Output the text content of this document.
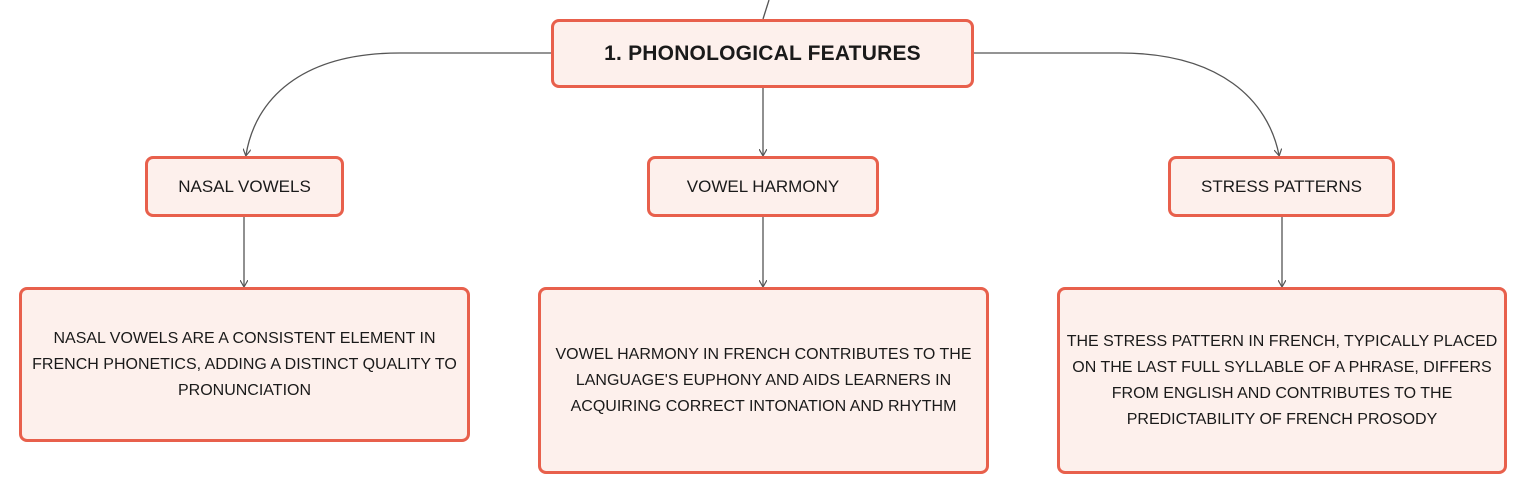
1. PHONOLOGICAL FEATURES
NASAL VOWELS	VOWEL HARMONY	STRESS PATTERNS
NASAL VOWELS ARE A CONSISTENT ELEMENT IN FRENCH PHONETICS, ADDING A DISTINCT QUALITY TO PRONUNCIATION
VOWEL HARMONY IN FRENCH CONTRIBUTES TO THE LANGUAGE'S EUPHONY AND AIDS LEARNERS IN ACQUIRING CORRECT INTONATION AND RHYTHM
THE STRESS PATTERN IN FRENCH, TYPICALLY PLACED ON THE LAST FULL SYLLABLE OF A PHRASE, DIFFERS FROM ENGLISH AND CONTRIBUTES TO THE PREDICTABILITY OF FRENCH PROSODY
